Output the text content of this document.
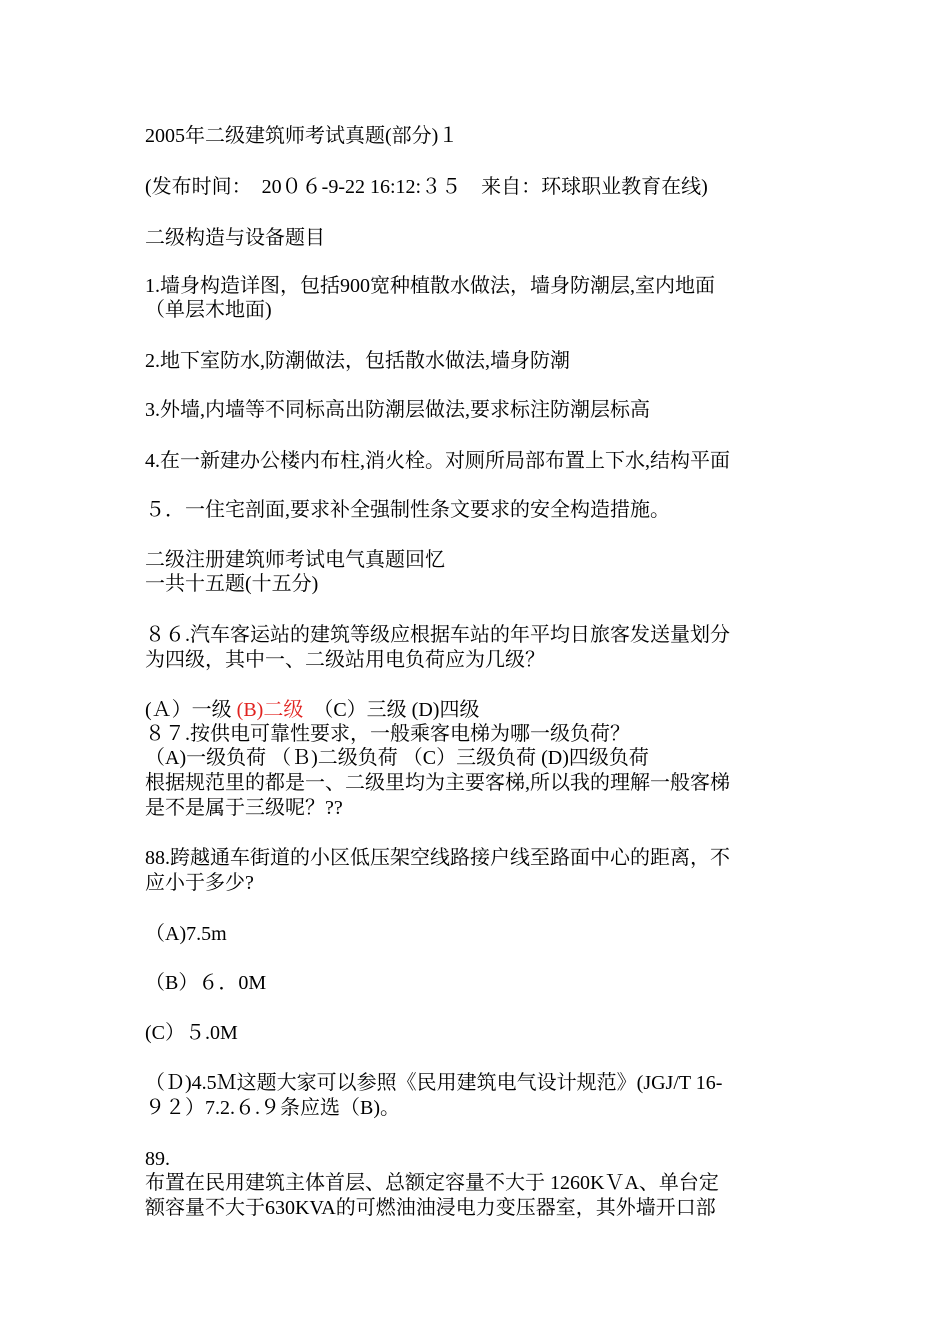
2005年二级建筑师考试真题(部分)１
(发布时间：  20０６-9-22 16:12:３５    来自：环球职业教育在线)
二级构造与设备题目
1.墙身构造详图，包括900宽种植散水做法，墙身防潮层,室内地面
（单层木地面)
2.地下室防水,防潮做法，包括散水做法,墙身防潮
3.外墙,内墙等不同标高出防潮层做法,要求标注防潮层标高
4.在一新建办公楼内布柱,消火栓。对厕所局部布置上下水,结构平面
５．一住宅剖面,要求补全强制性条文要求的安全构造措施。
二级注册建筑师考试电气真题回忆
一共十五题(十五分)
８６.汽车客运站的建筑等级应根据车站的年平均日旅客发送量划分
为四级，其中一、二级站用电负荷应为几级？
(Ａ）一级 (B)二级　（C）三级 (D)四级
８７.按供电可靠性要求，一般乘客电梯为哪一级负荷？
（A)一级负荷 （Ｂ)二级负荷 （C）三级负荷 (D)四级负荷
根据规范里的都是一、二级里均为主要客梯,所以我的理解一般客梯
是不是属于三级呢？??
88.跨越通车街道的小区低压架空线路接户线至路面中心的距离，不
应小于多少?
（A)7.5m
（B）６．0M
(C）５.0M
（Ｄ)4.5Ｍ这题大家可以参照《民用建筑电气设计规范》(JGJ/T 16-
９２）7.2.６.９条应选（B)。
89.
布置在民用建筑主体首层、总额定容量不大于 1260KＶA、单台定
额容量不大于630KVA的可燃油油浸电力变压器室，其外墙开口部
